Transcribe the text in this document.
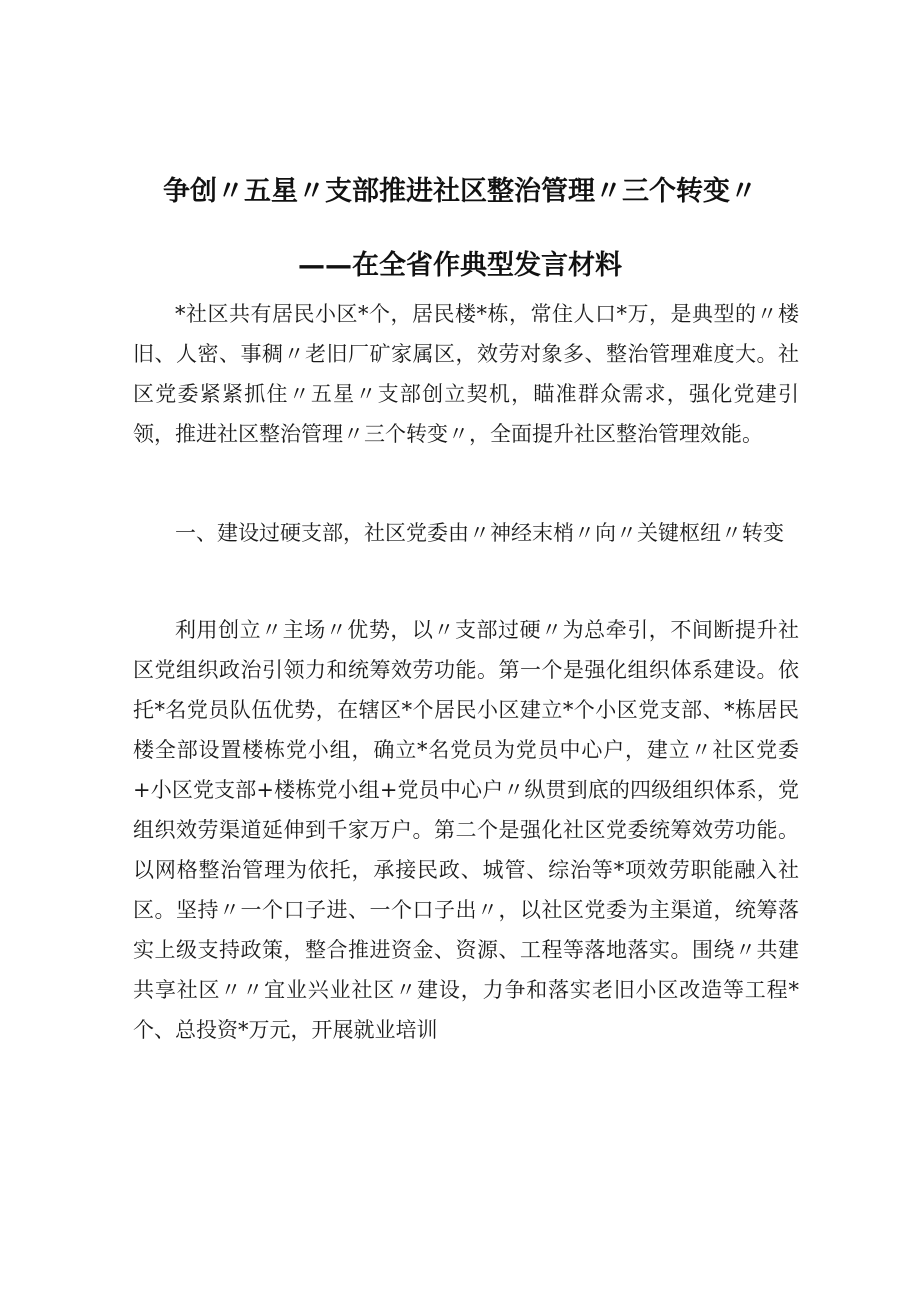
争创〃五星〃支部推进社区整治管理〃三个转变〃
——在全省作典型发言材料
*社区共有居民小区*个，居民楼*栋，常住人口*万，是典型的〃楼旧、人密、事稠〃老旧厂矿家属区，效劳对象多、整治管理难度大。社区党委紧紧抓住〃五星〃支部创立契机，瞄准群众需求，强化党建引领，推进社区整治管理〃三个转变〃，全面提升社区整治管理效能。
一、建设过硬支部，社区党委由〃神经末梢〃向〃关键枢纽〃转变
利用创立〃主场〃优势，以〃支部过硬〃为总牵引，不间断提升社区党组织政治引领力和统筹效劳功能。第一个是强化组织体系建设。依托*名党员队伍优势，在辖区*个居民小区建立*个小区党支部、*栋居民楼全部设置楼栋党小组，确立*名党员为党员中心户，建立〃社区党委+小区党支部+楼栋党小组+党员中心户〃纵贯到底的四级组织体系，党组织效劳渠道延伸到千家万户。第二个是强化社区党委统筹效劳功能。以网格整治管理为依托，承接民政、城管、综治等*项效劳职能融入社区。坚持〃一个口子进、一个口子出〃，以社区党委为主渠道，统筹落实上级支持政策，整合推进资金、资源、工程等落地落实。围绕〃共建共享社区〃〃宜业兴业社区〃建设，力争和落实老旧小区改造等工程*个、总投资*万元，开展就业培训
